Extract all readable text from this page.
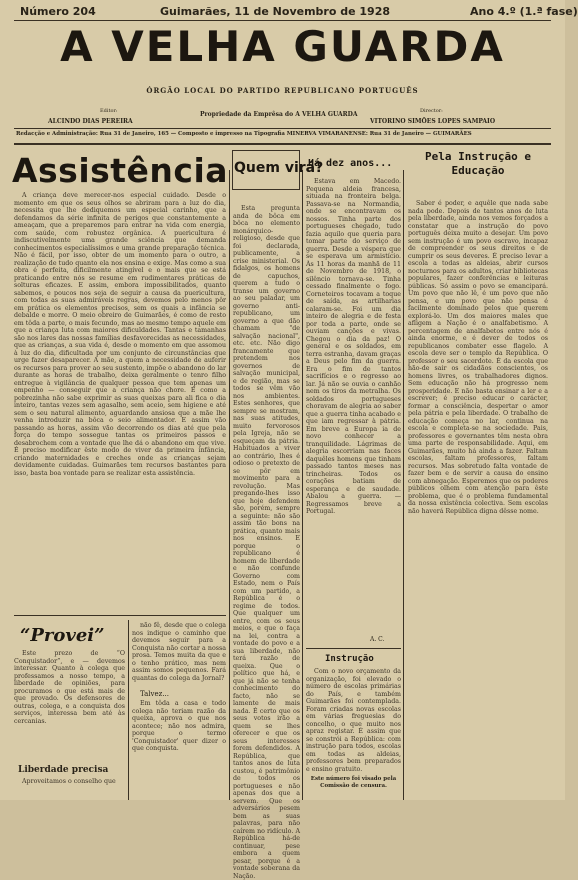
Número 204	Guimarães, 11 de Novembro de 1928	Ano 4.º (1.ª fase)
A VELHA GUARDA
ÓRGÃO LOCAL DO PARTIDO REPUBLICANO PORTUGUÊS
Editor:
ALCINDO DIAS PEREIRA
Propriedade da Emprêsa do A VELHA GUARDA	Director:
VITORINO SIMÕES LOPES SAMPAIO
Redacção e Administração: Rua 31 de Janeiro, 165 — Composto e impresso na Tipografia MINERVA VIMARANENSE: Rua 31 de Janeiro — GUIMARÃES
Assistência

A criança deve merecer-nos especial cuidado. Desde o momento em que os seus olhos se abriram para a luz do dia, necessita que lhe dediquemos um especial carinho, que a defendamos da série infinita de perigos que constantemente a ameaçam, que a preparemos para entrar na vida com energia, com saúde, com robustez orgânica. A puericultura é indiscutivelmente uma grande sciência que demanda conhecimentos especialíssimos e uma grande preparação técnica. Não é fácil, por isso, obter de um momento para o outro, a realização de tudo quanto ela nos ensina e exige. Mas como a sua obra é perfeita, dificilmente atingível e o mais que se está praticando entre nós se resume em rudimentares práticas de solturas eficazes. E assim, embora impossibilitados, quanto sabemos, e poucos nos seja de seguir a causa da puericultura, com todas as suas admiráveis regras, devemos pelo menos pôr em prática os elementos precisos, sem os quais a infância se debalde e morre. O meio obreiro de Guimarães, é como de resto em tôda a parte, o mais fecundo, mas ao mesmo tempo aquele em que a criança luta com maiores dificuldades. Tantas e tamanhas são nos lares das nossas famílias desfavorecidas as necessidades, que as crianças, a sua vida é, desde o momento em que assomou à luz do dia, dificultada por um conjunto de circunstâncias que urge fazer desaparecer. A mãe, a quem a necessidade de auferir os recursos para prover ao seu sustento, impõe o abandono do lar durante as horas de trabalho, deixa geralmente o tenro filho entregue à vigilância de qualquer pessoa que tem apenas um empenho — conseguir que a criança não chore. É como a pobrezinha não sabe exprimir as suas queixas para ali fica o dia inteiro, tantas vezes sem agasalho, sem aceio, sem higiene e até sem o seu natural alimento, aguardando ansiosa que a mãe lhe venha introduzir na bôca o seio alimentador. E assim vão passando as horas, assim vão decorrendo os dias até que pela força do tempo sossegue tantas os primeiros passos e desabrochem com a vontade que lhe dá o abandono em que vive. É preciso modificar êste modo de viver da primeira infância, criando maternidades e creches onde as crianças sejam devidamente cuidadas. Guimarães tem recursos bastantes para isso, basta boa vontade para se realizar esta assistência.

“Provei”

Este prezo de “O Conquistador”, e — devemos interessar. Quanto à colega que professamos a nosso tempo, a liberdade de opiniões, para procuramos o que está mais de que provado. Os defensores de outras, colega, e a conquista dos serviços, interessa bem até às cercanias.

Liberdade precisa

Aproveitamos o conselho que

não fê, desde que o colega nos indique o caminho que devemos seguir para a Conquista não cortar a nossa prosa. Temos muita da que e o tenho prático, mas nem assim somos pequenos. Fará quantas do colega da Jornal?

Talvez...

Em tôda a casa e todo colega não teriam razão da queixa, aprova o que nos acontece; não nos admira, porque o termo 'Conquistador' quer dizer o que conquista.

Quem virá?

Esta pregunta anda de bôca em bôca no elemento monárquico-religioso, desde que foi declarada, publicamente, a crise ministerial. Os fidalgos, os homens de capuchos, querem a tudo o transe um governo ao seu paladar, um governo anti-republicano, um governo a que dão chamam "de salvação nacional", etc. etc. Não digo francamente que pretendem nos governos de salvação municipal, e de região, mas se todos se vêm vão nos ambientes. Estes senhores, que sempre se mostram, nas suas atitudes, muito fervorosos pela Igreja, não se esqueçam da pátria. Habituados a viver ao contrário, lhes é odioso o pretexto de se pôr em movimento para a revolução. Mas pregando-lhes isso que hoje defendem são, porém, sempre a seguinte: não são assim tão bons na prática, quanto mais nos ensinos. E porque o republicano é homem de liberdade e não confunde Governo com Estado, nem o País com um partido, a República é o regime de todos. Que qualquer um entre, com os seus meios, e que o faça na lei, contra a vontade do povo e a sua liberdade, não terá razão de queixa. Que o político que há, e que já não se tenha conhecimento do facto, não se lamente de mais nada. É certo que os seus votos irão a quem se lhes oferecer e que os seus interesses forem defendidos. A República, que tantos anos de luta custou, é patrimônio de todos os portugueses e não apenas dos que a servem. Que os adversários pesem bem as suas palavras, para não caírem no ridículo. A República há-de continuar, pese embora a quem pesar, porque é a vontade soberana da Nação.

Há dez anos...

Estava em Macedo. Pequena aldeia francesa, situada na fronteira belga. Passava-se na Normandia, onde se encontravam os nossos. Tinha parte dos portugueses chegado, tudo fazia aquilo que queria para tomar parte do serviço de guerra. Desde a véspera que se esperava um armistício. Às 11 horas da manhã de 11 de Novembro de 1918, o silêncio tornava-se. Tinha cessado finalmente o fogo. Corneteiros tocavam a toque de saída, as artilharias calaram-se. Foi um dia inteiro de alegria e de festa por toda a parte, onde se ouviam canções e vivas. Chegou o dia da paz! O general e os soldados, em terra estranha, davam graças a Deus pelo fim da guerra. Era o fim de tantos sacrifícios e o regresso ao lar. Já não se ouvia o canhão nem os tiros da metralha. Os soldados portugueses choravam de alegria ao saber que a guerra tinha acabado e que iam regressar à pátria. Em breve a Europa ia de novo conhecer a tranquilidade. Lágrimas de alegria escorriam nas faces daquêles homens que tinham passado tantos meses nas trincheiras. Todos os corações batiam de esperança e de saudade. Abalou a guerra. — Regressamos breve a Portugal.

A. C.
Instrução

Com o novo orçamento da organização, foi elevado o número de escolas primárias do País, e também Guimarães foi contemplada. Foram criadas novas escolas em várias freguesias do concelho, o que muito nos apraz registar. É assim que se constrói a República: com instrução para todos, escolas em todas as aldeias, professores bem preparados e ensino gratuito.

Este número foi visado pela Comissão de censura.
Pela Instrução e Educação

Saber é poder, e aquêle que nada sabe nada pode. Depois de tantos anos de luta pela liberdade, ainda nos vemos forçados a constatar que a instrução do povo português deixa muito a desejar. Um povo sem instrução é um povo escravo, incapaz de compreender os seus direitos e de cumprir os seus deveres. É preciso levar a escola a todas as aldeias, abrir cursos nocturnos para os adultos, criar bibliotecas populares, fazer conferências e leituras públicas. Só assim o povo se emancipará. Um povo que não lê, é um povo que não pensa, e um povo que não pensa é facilmente dominado pelos que querem explorá-lo. Um dos maiores males que afligem a Nação é o analfabetismo. A percentagem de analfabetos entre nós é ainda enorme, e é dever de todos os republicanos combater esse flagelo. A escola deve ser o templo da República. O professor o seu sacerdote. É da escola que hão-de sair os cidadãos conscientes, os homens livres, os trabalhadores dignos. Sem educação não há progresso nem prosperidade. E não basta ensinar a ler e a escrever; é preciso educar o carácter, formar a consciência, despertar o amor pela pátria e pela liberdade. O trabalho de educação começa no lar, continua na escola e completa-se na sociedade. Pais, professores e governantes têm nesta obra uma parte de responsabilidade. Aqui, em Guimarães, muito há ainda a fazer. Faltam escolas, faltam professores, faltam recursos. Mas sobretudo falta vontade de fazer bem e de servir a causa do ensino com abnegação. Esperemos que os poderes públicos olhem com atenção para êste problema, que é o problema fundamental da nossa existência colectiva. Sem escolas não haverá República digna dêsse nome.
